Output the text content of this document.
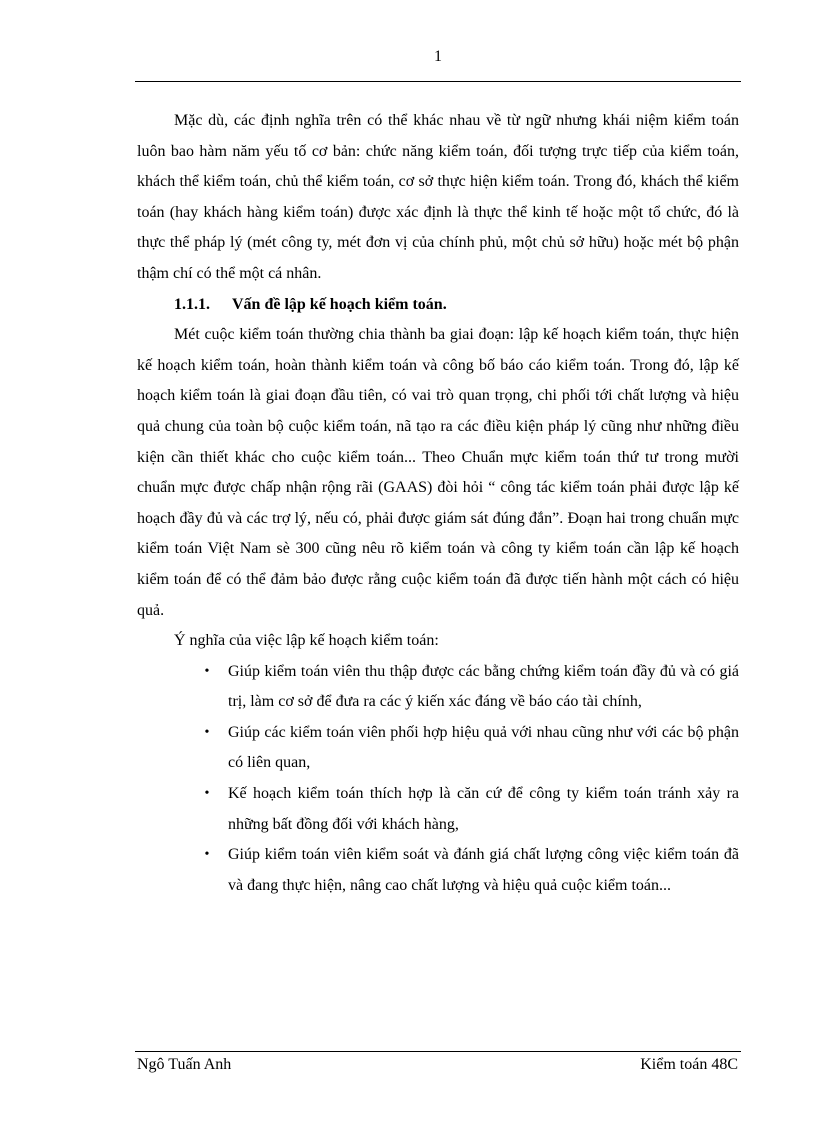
1

Mặc dù, các định nghĩa trên có thể khác nhau về từ ngữ nhưng khái niệm kiểm toán luôn bao hàm năm yếu tố cơ bản: chức năng kiểm toán, đối tượng trực tiếp của kiểm toán, khách thể kiểm toán, chủ thể kiểm toán, cơ sở thực hiện kiểm toán. Trong đó, khách thể kiểm toán (hay khách hàng kiểm toán) được xác định là thực thể kinh tế hoặc một tổ chức, đó là thực thể pháp lý (mét công ty, mét đơn vị của chính phủ, một chủ sở hữu) hoặc mét bộ phận thậm chí có thể một cá nhân.

1.1.1.	Vấn đề lập kế hoạch kiểm toán.

Mét cuộc kiểm toán thường chia thành ba giai đoạn: lập kế hoạch kiểm toán, thực hiện kế hoạch kiểm toán, hoàn thành kiểm toán và công bố báo cáo kiểm toán. Trong đó, lập kế hoạch kiểm toán là giai đoạn đầu tiên, có vai trò quan trọng, chi phối tới chất lượng và hiệu quả chung của toàn bộ cuộc kiểm toán, nã tạo ra các điều kiện pháp lý cũng như những điều kiện cần thiết khác cho cuộc kiểm toán... Theo Chuẩn mực kiểm toán thứ tư trong mười chuẩn mực được chấp nhận rộng rãi (GAAS) đòi hỏi “ công tác kiểm toán phải được lập kế hoạch đầy đủ và các trợ lý, nếu có, phải được giám sát đúng đắn”. Đoạn hai trong chuẩn mực kiểm toán Việt Nam sè 300 cũng nêu rõ kiểm toán và công ty kiểm toán cần lập kế hoạch kiểm toán để có thể đảm bảo được rằng cuộc kiểm toán đã được tiến hành một cách có hiệu quả.

Ý nghĩa của việc lập kế hoạch kiểm toán:

• Giúp kiểm toán viên thu thập được các bằng chứng kiểm toán đầy đủ và có giá trị, làm cơ sở để đưa ra các ý kiến xác đáng về báo cáo tài chính,
• Giúp các kiểm toán viên phối hợp hiệu quả với nhau cũng như với các bộ phận có liên quan,
• Kế hoạch kiểm toán thích hợp là căn cứ để công ty kiểm toán tránh xảy ra những bất đồng đối với khách hàng,
• Giúp kiểm toán viên kiểm soát và đánh giá chất lượng công việc kiểm toán đã và đang thực hiện, nâng cao chất lượng và hiệu quả cuộc kiểm toán...
Ngô Tuấn Anh	Kiểm toán 48C
